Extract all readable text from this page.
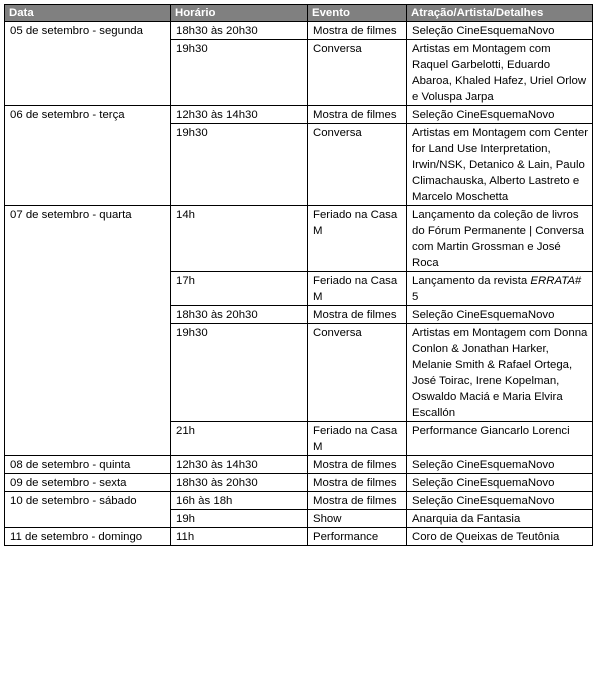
Data	Horário	Evento	Atração/Artista/Detalhes
05 de setembro - segunda	18h30 às 20h30	Mostra de filmes	Seleção CineEsquemaNovo
	19h30	Conversa	Artistas em Montagem com Raquel Garbelotti, Eduardo Abaroa, Khaled Hafez, Uriel Orlow e Voluspa Jarpa
06 de setembro - terça	12h30 às 14h30	Mostra de filmes	Seleção CineEsquemaNovo
	19h30	Conversa	Artistas em Montagem com Center for Land Use Interpretation, Irwin/NSK, Detanico & Lain, Paulo Climachauska, Alberto Lastreto e Marcelo Moschetta
07 de setembro - quarta	14h	Feriado na Casa M	Lançamento da coleção de livros do Fórum Permanente | Conversa com Martin Grossman e José Roca
	17h	Feriado na Casa M	Lançamento da revista ERRATA# 5
	18h30 às 20h30	Mostra de filmes	Seleção CineEsquemaNovo
	19h30	Conversa	Artistas em Montagem com Donna Conlon & Jonathan Harker, Melanie Smith & Rafael Ortega, José Toirac, Irene Kopelman, Oswaldo Maciá e Maria Elvira Escallón
	21h	Feriado na Casa M	Performance Giancarlo Lorenci
08 de setembro - quinta	12h30 às 14h30	Mostra de filmes	Seleção CineEsquemaNovo
09 de setembro - sexta	18h30 às 20h30	Mostra de filmes	Seleção CineEsquemaNovo
10 de setembro - sábado	16h às 18h	Mostra de filmes	Seleção CineEsquemaNovo
	19h	Show	Anarquia da Fantasia
11 de setembro - domingo	11h	Performance	Coro de Queixas de Teutônia
